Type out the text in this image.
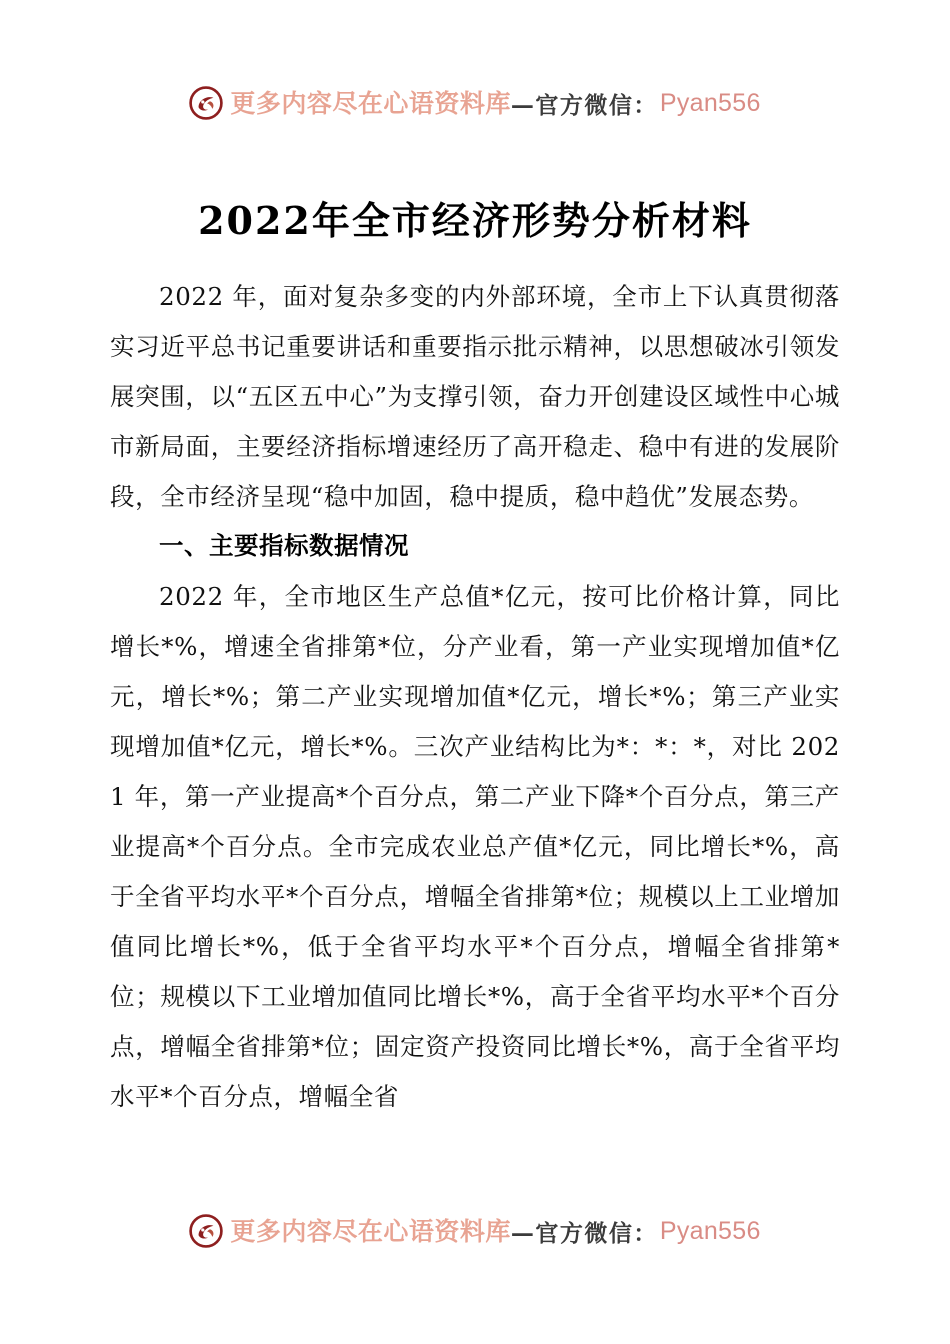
更多内容尽在心语资料库 —官方微信： Pyan556
2022年全市经济形势分析材料

2022 年，面对复杂多变的内外部环境，全市上下认真贯彻落实习近平总书记重要讲话和重要指示批示精神，以思想破冰引领发展突围，以“五区五中心”为支撑引领，奋力开创建设区域性中心城市新局面，主要经济指标增速经历了高开稳走、稳中有进的发展阶段，全市经济呈现“稳中加固，稳中提质，稳中趋优”发展态势。

一、主要指标数据情况

2022 年，全市地区生产总值*亿元，按可比价格计算，同比增长*%，增速全省排第*位，分产业看，第一产业实现增加值*亿元，增长*%；第二产业实现增加值*亿元，增长*%；第三产业实现增加值*亿元，增长*%。三次产业结构比为*：*：*，对比 2021 年，第一产业提高*个百分点，第二产业下降*个百分点，第三产业提高*个百分点。全市完成农业总产值*亿元，同比增长*%，高于全省平均水平*个百分点，增幅全省排第*位；规模以上工业增加值同比增长*%，低于全省平均水平*个百分点，增幅全省排第*位；规模以下工业增加值同比增长*%，高于全省平均水平*个百分点，增幅全省排第*位；固定资产投资同比增长*%，高于全省平均水平*个百分点，增幅全省

更多内容尽在心语资料库 —官方微信： Pyan556
